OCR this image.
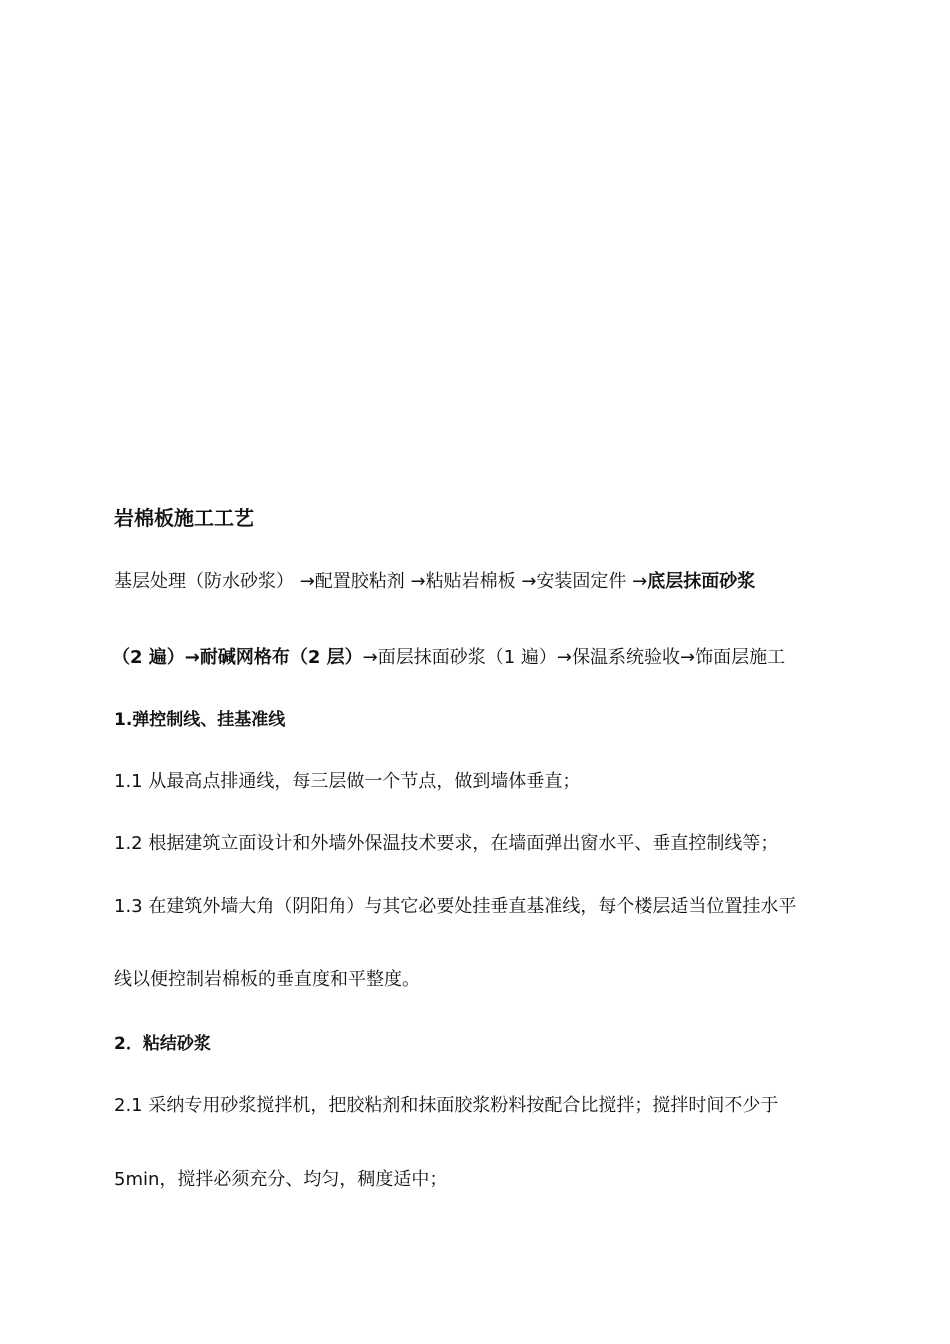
岩棉板施工工艺
基层处理（防水砂浆） →配置胶粘剂 →粘贴岩棉板 →安装固定件 →底层抹面砂浆
（2 遍）→耐碱网格布（2 层）→面层抹面砂浆（1 遍）→保温系统验收→饰面层施工
1.弹控制线、挂基准线
1.1 从最高点排通线，每三层做一个节点，做到墙体垂直；
1.2 根据建筑立面设计和外墙外保温技术要求，在墙面弹出窗水平、垂直控制线等；
1.3 在建筑外墙大角（阴阳角）与其它必要处挂垂直基准线，每个楼层适当位置挂水平
线以便控制岩棉板的垂直度和平整度。
2．粘结砂浆
2.1 采纳专用砂浆搅拌机，把胶粘剂和抹面胶浆粉料按配合比搅拌；搅拌时间不少于
5min，搅拌必须充分、均匀，稠度适中；
